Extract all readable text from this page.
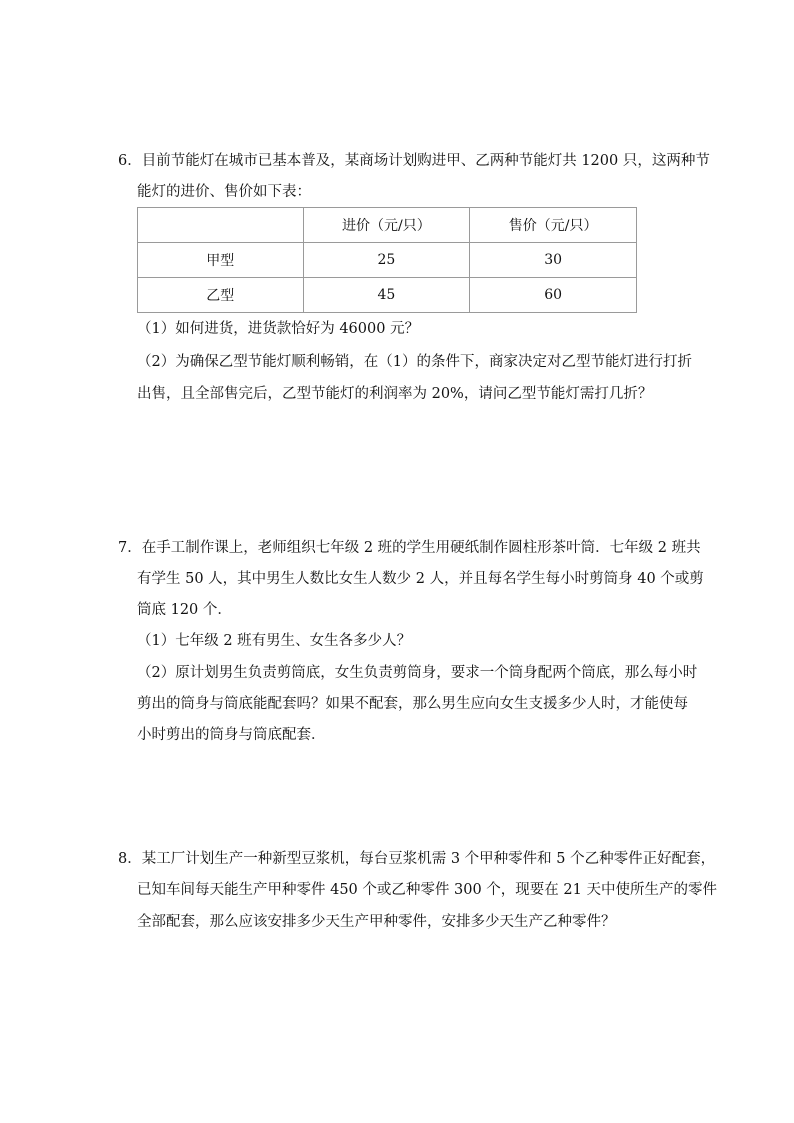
6．目前节能灯在城市已基本普及，某商场计划购进甲、乙两种节能灯共 1200 只，这两种节
能灯的进价、售价如下表：
	进价（元/只）	售价（元/只）
甲型	25	30
乙型	45	60
（1）如何进货，进货款恰好为 46000 元？
（2）为确保乙型节能灯顺利畅销，在（1）的条件下，商家决定对乙型节能灯进行打折
出售，且全部售完后，乙型节能灯的利润率为 20%，请问乙型节能灯需打几折？
7．在手工制作课上，老师组织七年级 2 班的学生用硬纸制作圆柱形茶叶筒．七年级 2 班共
有学生 50 人，其中男生人数比女生人数少 2 人，并且每名学生每小时剪筒身 40 个或剪
筒底 120 个．
（1）七年级 2 班有男生、女生各多少人？
（2）原计划男生负责剪筒底，女生负责剪筒身，要求一个筒身配两个筒底，那么每小时
剪出的筒身与筒底能配套吗？如果不配套，那么男生应向女生支援多少人时，才能使每
小时剪出的筒身与筒底配套．
8．某工厂计划生产一种新型豆浆机，每台豆浆机需 3 个甲种零件和 5 个乙种零件正好配套，
已知车间每天能生产甲种零件 450 个或乙种零件 300 个，现要在 21 天中使所生产的零件
全部配套，那么应该安排多少天生产甲种零件，安排多少天生产乙种零件？
